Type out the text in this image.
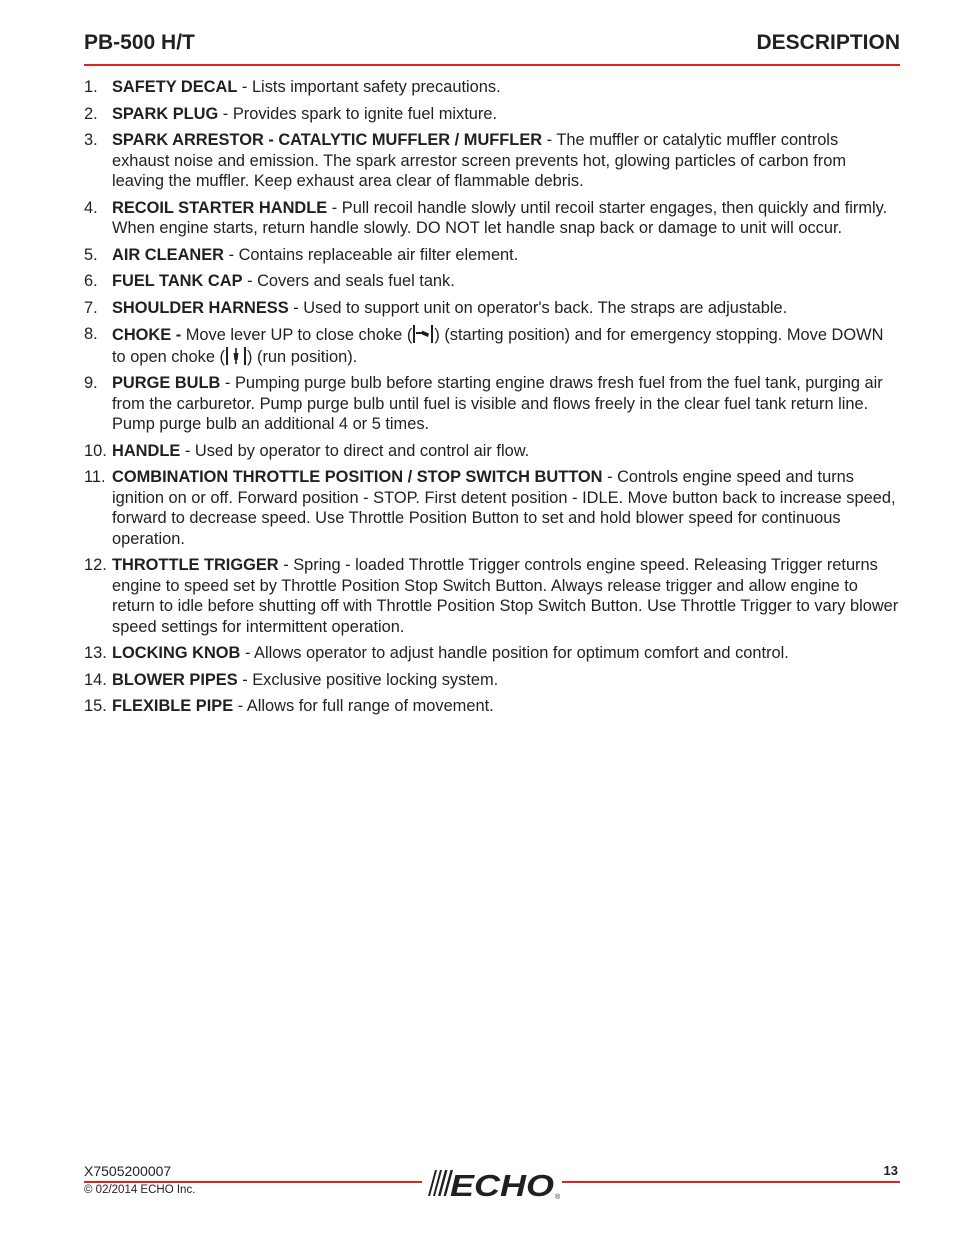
PB-500 H/T	DESCRIPTION
1. SAFETY DECAL - Lists important safety precautions.
2. SPARK PLUG - Provides spark to ignite fuel mixture.
3. SPARK ARRESTOR - CATALYTIC MUFFLER / MUFFLER - The muffler or catalytic muffler controls exhaust noise and emission. The spark arrestor screen prevents hot, glowing particles of carbon from leaving the muffler. Keep exhaust area clear of flammable debris.
4. RECOIL STARTER HANDLE - Pull recoil handle slowly until recoil starter engages, then quickly and firmly. When engine starts, return handle slowly. DO NOT let handle snap back or damage to unit will occur.
5. AIR CLEANER - Contains replaceable air filter element.
6. FUEL TANK CAP - Covers and seals fuel tank.
7. SHOULDER HARNESS - Used to support unit on operator's back. The straps are adjustable.
8. CHOKE - Move lever UP to close choke ( ) (starting position) and for emergency stopping. Move DOWN to open choke ( ) (run position).
9. PURGE BULB - Pumping purge bulb before starting engine draws fresh fuel from the fuel tank, purging air from the carburetor. Pump purge bulb until fuel is visible and flows freely in the clear fuel tank return line. Pump purge bulb an additional 4 or 5 times.
10. HANDLE - Used by operator to direct and control air flow.
11. COMBINATION THROTTLE POSITION / STOP SWITCH BUTTON - Controls engine speed and turns ignition on or off. Forward position - STOP. First detent position - IDLE. Move button back to increase speed, forward to decrease speed. Use Throttle Position Button to set and hold blower speed for continuous operation.
12. THROTTLE TRIGGER - Spring - loaded Throttle Trigger controls engine speed. Releasing Trigger returns engine to speed set by Throttle Position Stop Switch Button. Always release trigger and allow engine to return to idle before shutting off with Throttle Position Stop Switch Button. Use Throttle Trigger to vary blower speed settings for intermittent operation.
13. LOCKING KNOB - Allows operator to adjust handle position for optimum comfort and control.
14. BLOWER PIPES - Exclusive positive locking system.
15. FLEXIBLE PIPE - Allows for full range of movement.
X7505200007
© 02/2014 ECHO Inc.
13
ECHO ®
